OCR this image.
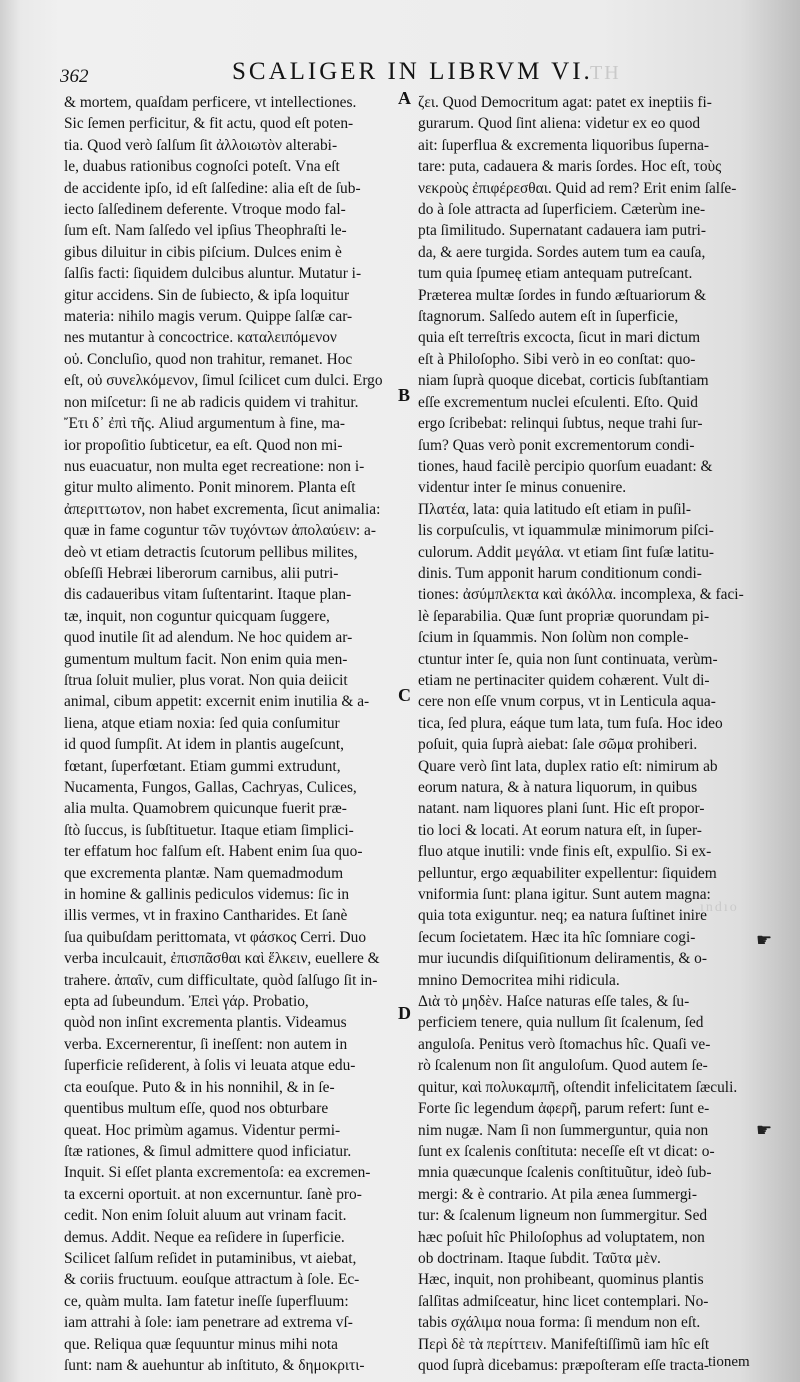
TH
ındıo
362	SCALIGER IN LIBRVM VI.
A
B
C
D
& mortem, quaſdam perficere, vt intellectiones.
Sic ſemen perficitur, & fit actu, quod eſt poten-
tia. Quod verò ſalſum ſit ἀλλοιωτὸν alterabi-
le, duabus rationibus cognoſci poteſt. Vna eſt
de accidente ipſo, id eſt ſalſedine: alia eſt de ſub-
iecto ſalſedinem deferente. Vtroque modo fal-
ſum eſt. Nam ſalſedo vel ipſius Theophraſti le-
gibus diluitur in cibis piſcium. Dulces enim è
ſalſis facti: ſiquidem dulcibus aluntur. Mutatur i-
gitur accidens. Sin de ſubiecto, & ipſa loquitur
materia: nihilo magis verum. Quippe ſalſæ car-
nes mutantur à concoctrice. καταλειπόμενον
οὐ. Concluſio, quod non trahitur, remanet. Hoc
eſt, οὐ συνελκόμενον, ſimul ſcilicet cum dulci. Ergo
non miſcetur: ſi ne ab radicis quidem vi trahitur.
Ἔτι δ᾽ ἐπὶ τῆς. Aliud argumentum à fine, ma-
ior propoſitio ſubticetur, ea eſt. Quod non mi-
nus euacuatur, non multa eget recreatione: non i-
gitur multo alimento. Ponit minorem. Planta eſt
ἀπεριττωτον, non habet excrementa, ſicut animalia:
quæ in fame coguntur τῶν τυχόντων ἀπολαύειν: a-
deò vt etiam detractis ſcutorum pellibus milites,
obſeſſi Hebræi liberorum carnibus, alii putri-
dis cadaueribus vitam ſuſtentarint. Itaque plan-
tæ, inquit, non coguntur quicquam ſuggere,
quod inutile ſit ad alendum. Ne hoc quidem ar-
gumentum multum facit. Non enim quia men-
ſtrua ſoluit mulier, plus vorat. Non quia deiicit
animal, cibum appetit: excernit enim inutilia & a-
liena, atque etiam noxia: ſed quia conſumitur
id quod ſumpſit. At idem in plantis augeſcunt,
fœtant, ſuperfœtant. Etiam gummi extrudunt,
Nucamenta, Fungos, Gallas, Cachryas, Culices,
alia multa. Quamobrem quicunque fuerit præ-
ſtò ſuccus, is ſubſtituetur. Itaque etiam ſimplici-
ter effatum hoc falſum eſt. Habent enim ſua quo-
que excrementa plantæ. Nam quemadmodum
in homine & gallinis pediculos videmus: ſic in
illis vermes, vt in fraxino Cantharides. Et ſanè
ſua quibuſdam perittomata, vt φάσκος Cerri. Duo
verba inculcauit, ἐπισπᾶσθαι καὶ ἕλκειν, euellere &
trahere. ἀπαῖν, cum difficultate, quòd ſalſugo ſit in-
epta ad ſubeundum. Ἐπεὶ γάρ. Probatio,
quòd non inſint excrementa plantis. Videamus
verba. Excernerentur, ſi ineſſent: non autem in
ſuperficie reſiderent, à ſolis vi leuata atque edu-
cta eouſque. Puto & in his nonnihil, & in ſe-
quentibus multum eſſe, quod nos obturbare
queat. Hoc primùm agamus. Videntur permi-
ſtæ rationes, & ſimul admittere quod inficiatur.
Inquit. Si eſſet planta excrementoſa: ea excremen-
ta excerni oportuit. at non excernuntur. ſanè pro-
cedit. Non enim ſoluit aluum aut vrinam facit.
demus. Addit. Neque ea reſidere in ſuperficie.
Scilicet ſalſum reſidet in putaminibus, vt aiebat,
& coriis fructuum. eouſque attractum à ſole. Ec-
ce, quàm multa. Iam fatetur ineſſe ſuperfluum:
iam attrahi à ſole: iam penetrare ad extrema vſ-
que. Reliqua quæ ſequuntur minus mihi nota
ſunt: nam & auehuntur ab inſtituto, & δημοκριτι-
ζει. Quod Democritum agat: patet ex ineptiis fi-
gurarum. Quod ſint aliena: videtur ex eo quod
ait: ſuperflua & excrementa liquoribus ſuperna-
tare: puta, cadauera & maris ſordes. Hoc eſt, τοὺς
νεκροὺς ἐπιφέρεσθαι. Quid ad rem? Erit enim ſalſe-
do à ſole attracta ad ſuperficiem. Cæterùm ine-
pta ſimilitudo. Supernatant cadauera iam putri-
da, & aere turgida. Sordes autem tum ea cauſa,
tum quia ſpumeę etiam antequam putreſcant.
Præterea multæ ſordes in fundo æſtuariorum &
ſtagnorum. Salſedo autem eſt in ſuperficie,
quia eſt terreſtris excocta, ſicut in mari dictum
eſt à Philoſopho. Sibi verò in eo conſtat: quo-
niam ſuprà quoque dicebat, corticis ſubſtantiam
eſſe excrementum nuclei eſculenti. Eſto. Quid
ergo ſcribebat: relinqui ſubtus, neque trahi ſur-
ſum? Quas verò ponit excrementorum condi-
tiones, haud facilè percipio quorſum euadant: &
videntur inter ſe minus conuenire.
Πλατέα, lata: quia latitudo eſt etiam in puſil-
lis corpuſculis, vt iquammulæ minimorum piſci-
culorum. Addit μεγάλα. vt etiam ſint fuſæ latitu-
dinis. Tum apponit harum conditionum condi-
tiones: ἀσύμπλεκτα καὶ ἀκόλλα. incomplexa, & faci-
lè ſeparabilia. Quæ ſunt propriæ quorundam pi-
ſcium in ſquammis. Non ſolùm non comple-
ctuntur inter ſe, quia non ſunt continuata, verùm-
etiam ne pertinaciter quidem cohærent. Vult di-
cere non eſſe vnum corpus, vt in Lenticula aqua-
tica, ſed plura, eáque tum lata, tum fuſa. Hoc ideo
poſuit, quia ſuprà aiebat: ſale σῶμα prohiberi.
Quare verò ſint lata, duplex ratio eſt: nimirum ab
eorum natura, & à natura liquorum, in quibus
natant. nam liquores plani ſunt. Hic eſt propor-
tio loci & locati. At eorum natura eſt, in ſuper-
fluo atque inutili: vnde finis eſt, expulſio. Si ex-
pelluntur, ergo æquabiliter expellentur: ſiquidem
vniformia ſunt: plana igitur. Sunt autem magna:
quia tota exiguntur. neq; ea natura ſuſtinet inire
ſecum ſocietatem. Hæc ita hîc ſomniare cogi-
mur iucundis diſquiſitionum deliramentis, & o-
mnino Democritea mihi ridicula.
Διὰ τὸ μηδὲν. Haſce naturas eſſe tales, & ſu-
perficiem tenere, quia nullum ſit ſcalenum, ſed
anguloſa. Penitus verò ſtomachus hîc. Quaſi ve-
rò ſcalenum non ſit anguloſum. Quod autem ſe-
quitur, καὶ πολυκαμπῆ, oſtendit infelicitatem ſæculi.
Forte ſic legendum ἀφερῆ, parum refert: ſunt e-
nim nugæ. Nam ſi non ſummerguntur, quia non
ſunt ex ſcalenis conſtituta: neceſſe eſt vt dicat: o-
mnia quæcunque ſcalenis conſtituũtur, ideò ſub-
mergi: & è contrario. At pila ænea ſummergi-
tur: & ſcalenum ligneum non ſummergitur. Sed
hæc poſuit hîc Philoſophus ad voluptatem, non
ob doctrinam. Itaque ſubdit. Ταῦτα μὲν.
Hæc, inquit, non prohibeant, quominus plantis
ſalſitas admiſceatur, hinc licet contemplari. No-
tabis σχάλιμα noua forma: ſi mendum non eſt.
Περὶ δὲ τὰ περίττειν. Manifeſtiſſimũ iam hîc eſt
quod ſuprà dicebamus: præpoſteram eſſe tracta-
☛
☛
tionem
